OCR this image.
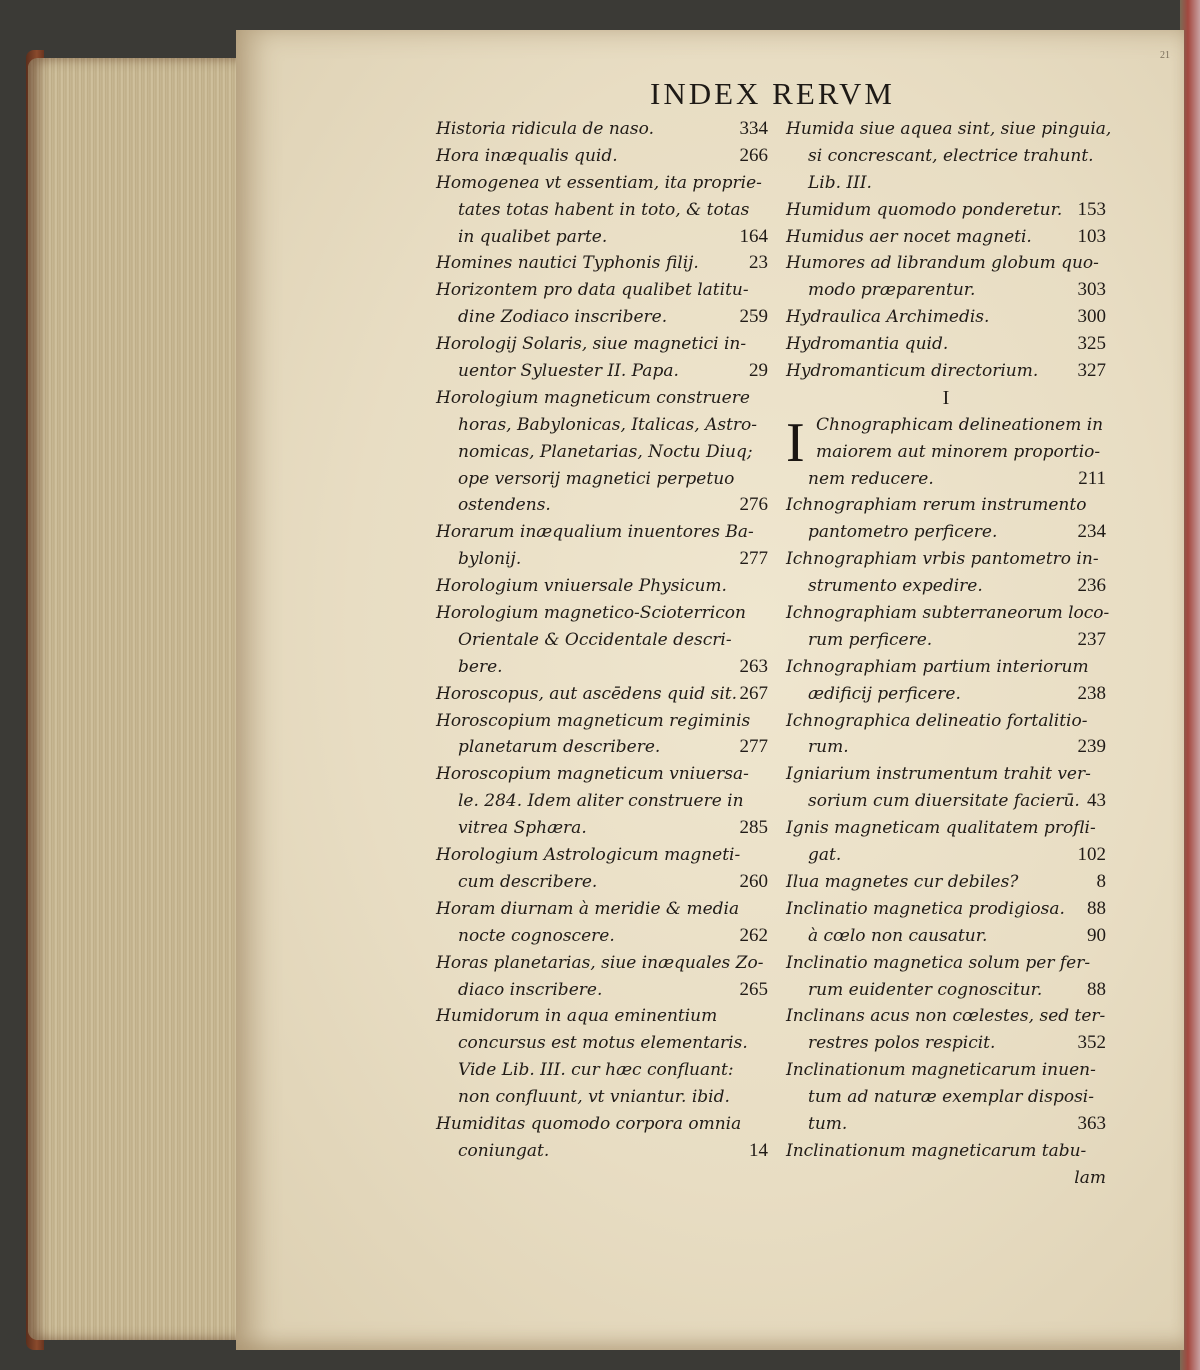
21
INDEX RERVM
Historia ridicula de naso.	334
Hora inæqualis quid.	266
Homogenea vt essentiam, ita proprie-
tates totas habent in toto, & totas
in qualibet parte.	164
Homines nautici Typhonis filij.	23
Horizontem pro data qualibet latitu-
dine Zodiaco inscribere.	259
Horologij Solaris, siue magnetici in-
uentor Syluester II. Papa.	29
Horologium magneticum construere
horas, Babylonicas, Italicas, Astro-
nomicas, Planetarias, Noctu Diuq;
ope versorij magnetici perpetuo
ostendens.	276
Horarum inæqualium inuentores Ba-
bylonij.	277
Horologium vniuersale Physicum.
Horologium magnetico-Scioterricon
Orientale & Occidentale descri-
bere.	263
Horoscopus, aut ascēdens quid sit. 267
Horoscopium magneticum regiminis
planetarum describere.	277
Horoscopium magneticum vniuersa-
le. 284. Idem aliter construere in
vitrea Sphæra.	285
Horologium Astrologicum magneti-
cum describere.	260
Horam diurnam à meridie & media
nocte cognoscere.	262
Horas planetarias, siue inæquales Zo-
diaco inscribere.	265
Humidorum in aqua eminentium
concursus est motus elementaris.
Vide Lib. III. cur hæc confluant:
non confluunt, vt vniantur. ibid.
Humiditas quomodo corpora omnia
coniungat.	14
Humida siue aquea sint, siue pinguia,
si concrescant, electrice trahunt.
Lib. III.
Humidum quomodo ponderetur. 153
Humidus aer nocet magneti. 103
Humores ad librandum globum quo-
modo præparentur.	303
Hydraulica Archimedis.	300
Hydromantia quid.	325
Hydromanticum directorium. 327
I
I Chnographicam delineationem in
maiorem aut minorem proportio-
nem reducere.	211
Ichnographiam rerum instrumento
pantometro perficere.	234
Ichnographiam vrbis pantometro in-
strumento expedire.	236
Ichnographiam subterraneorum loco-
rum perficere.	237
Ichnographiam partium interiorum
ædificij perficere.	238
Ichnographica delineatio fortalitio-
rum.	239
Igniarium instrumentum trahit ver-
sorium cum diuersitate facierū. 43
Ignis magneticam qualitatem profli-
gat.	102
Ilua magnetes cur debiles?	8
Inclinatio magnetica prodigiosa. 88
à cœlo non causatur.	90
Inclinatio magnetica solum per fer-
rum euidenter cognoscitur. 88
Inclinans acus non cœlestes, sed ter-
restres polos respicit.	352
Inclinationum magneticarum inuen-
tum ad naturæ exemplar disposi-
tum.	363
Inclinationum magneticarum tabu-
lam
